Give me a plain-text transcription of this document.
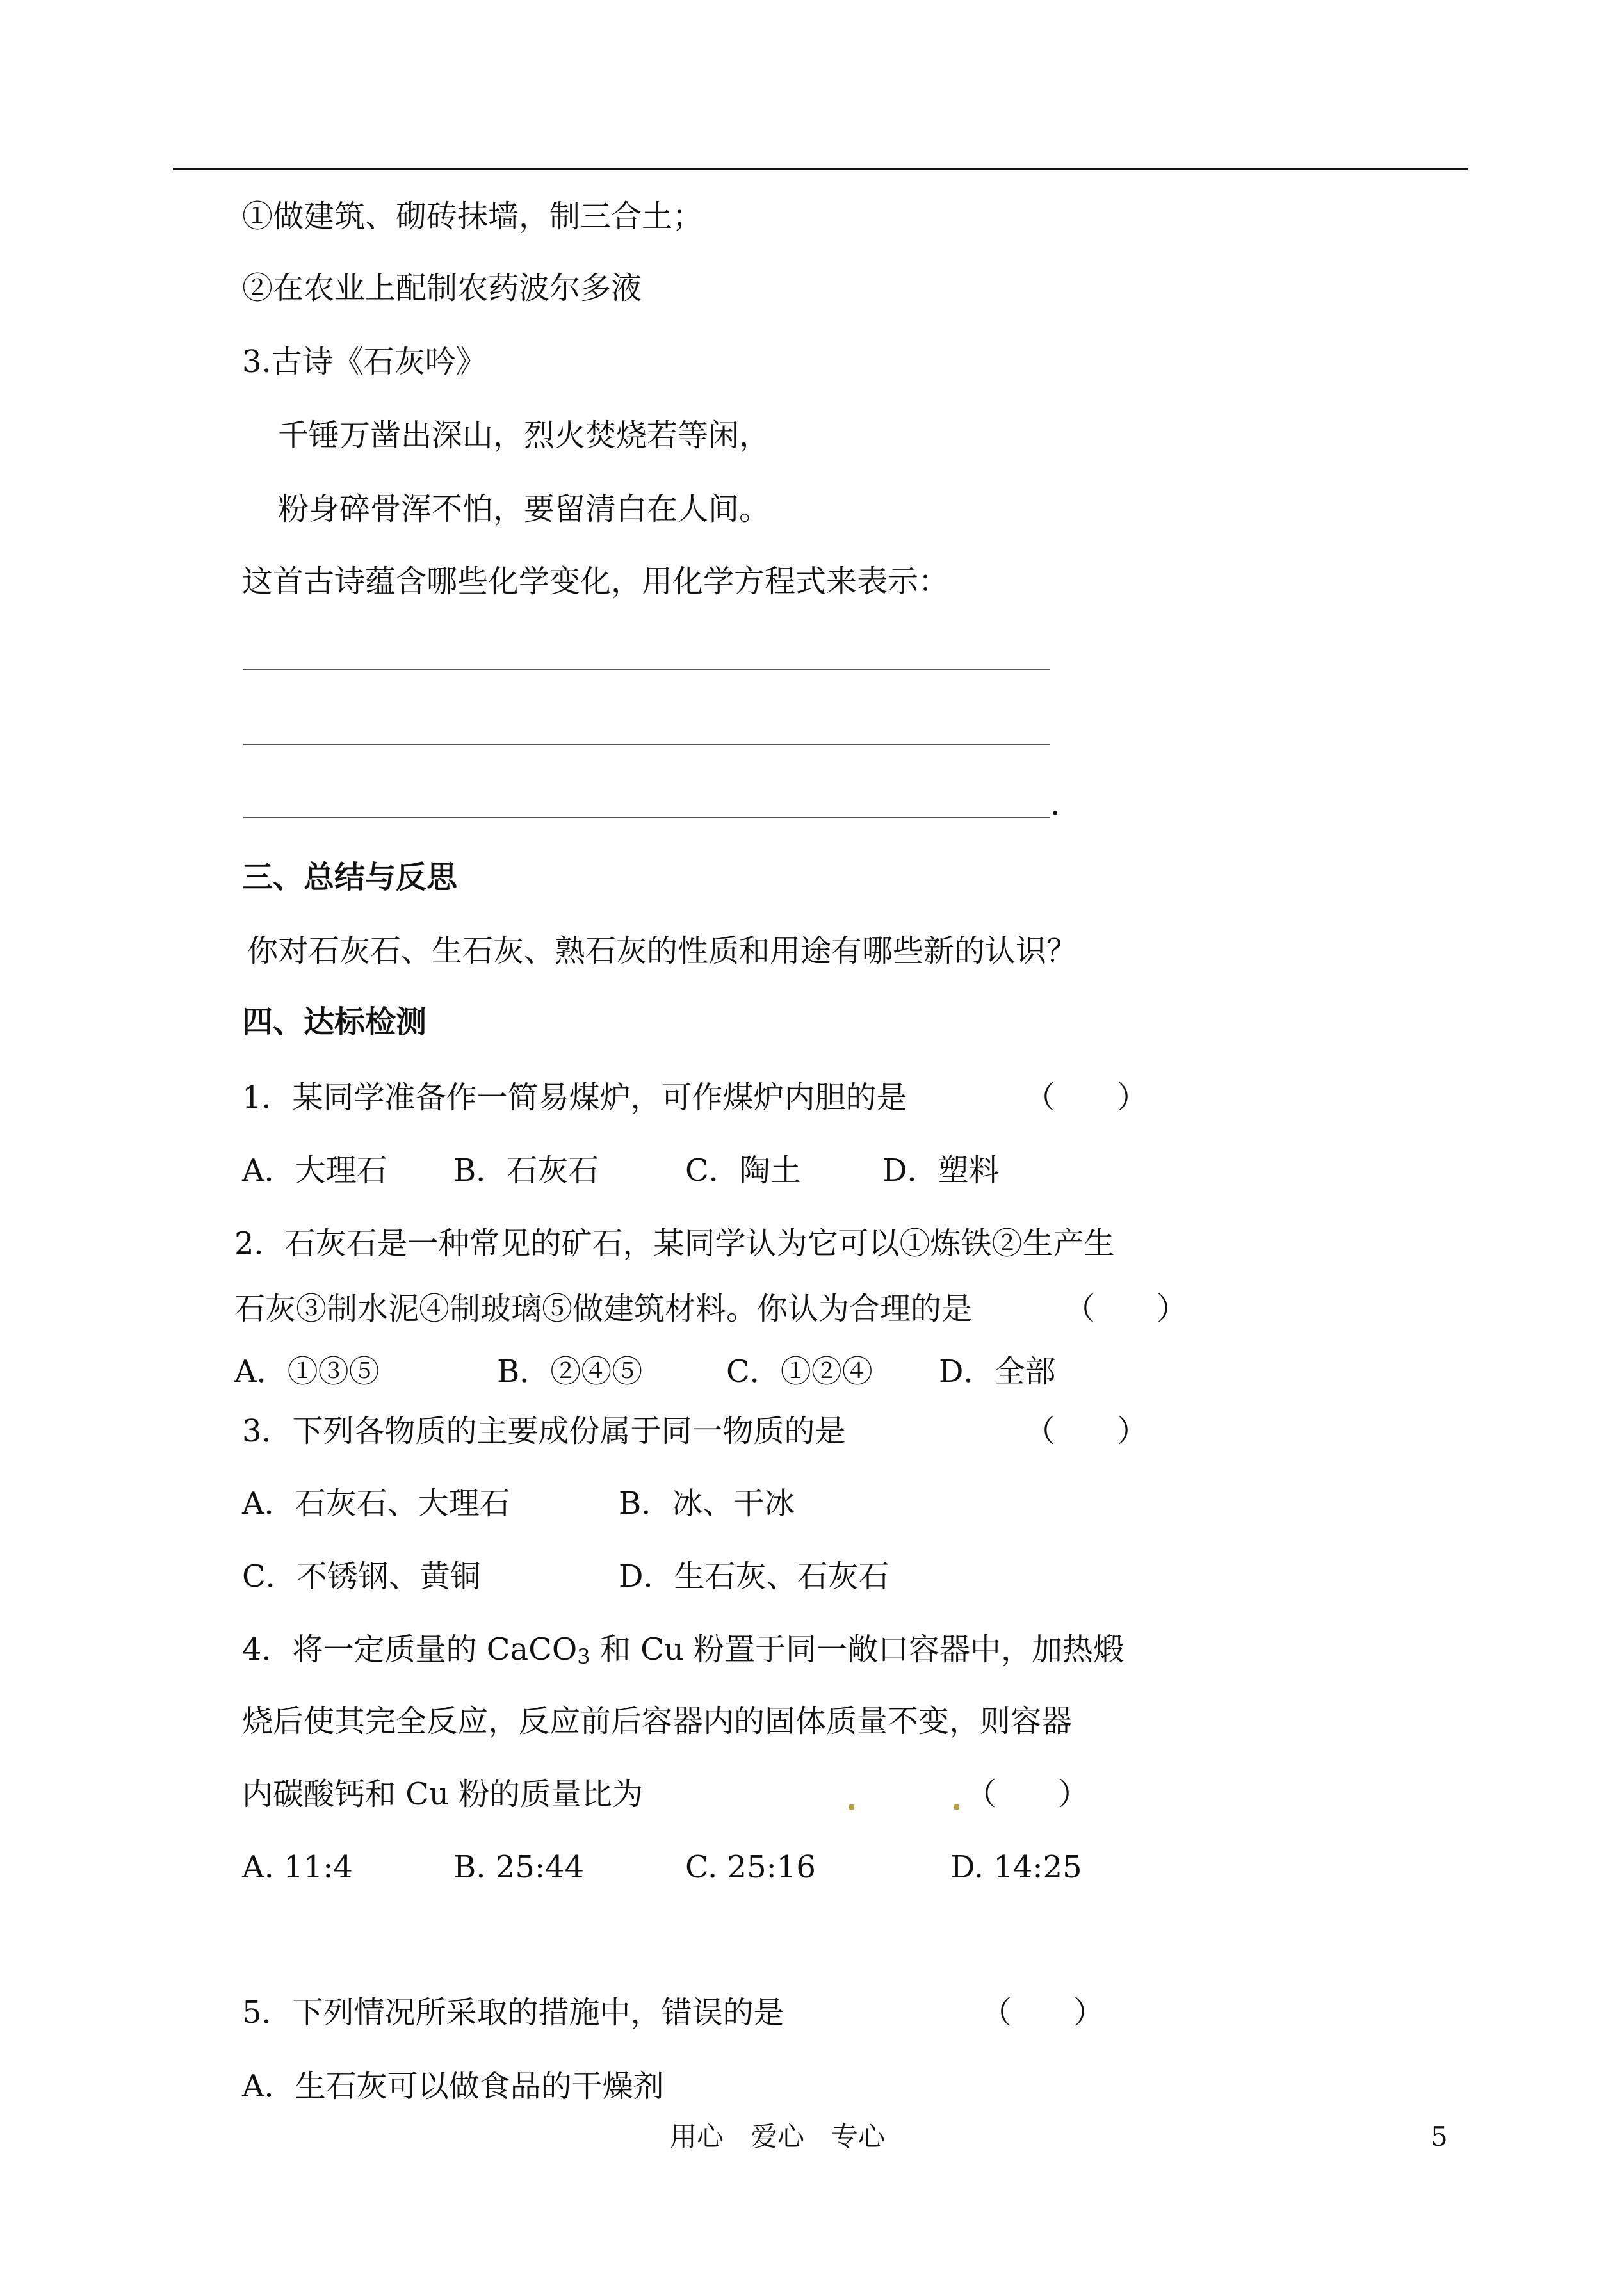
①做建筑、砌砖抹墙，制三合土；
②在农业上配制农药波尔多液
3.古诗《石灰吟》
千锤万凿出深山，烈火焚烧若等闲，
粉身碎骨浑不怕，要留清白在人间。
这首古诗蕴含哪些化学变化，用化学方程式来表示：
.
三、总结与反思
你对石灰石、生石灰、熟石灰的性质和用途有哪些新的认识？
四、达标检测
1．某同学准备作一简易煤炉，可作煤炉内胆的是	（　　）
A．大理石 B．石灰石	C．陶土	D．塑料
2．石灰石是一种常见的矿石，某同学认为它可以①炼铁②生产生
石灰③制水泥④制玻璃⑤做建筑材料。你认为合理的是	（　　）
A．①③⑤	B．②④⑤	C．①②④ D．全部
3．下列各物质的主要成份属于同一物质的是	（　　）
A．石灰石、大理石	B．冰、干冰
C．不锈钢、黄铜	D．生石灰、石灰石
4．将一定质量的 CaCO$_3$ 和 Cu 粉置于同一敞口容器中，加热煅
烧后使其完全反应，反应前后容器内的固体质量不变，则容器
内碳酸钙和 Cu 粉的质量比为	（　　）
A. 11:4	B. 25:44	C. 25:16	D. 14:25
5．下列情况所采取的措施中，错误的是	（　　）
A．生石灰可以做食品的干燥剂
用心　爱心　专心	5
